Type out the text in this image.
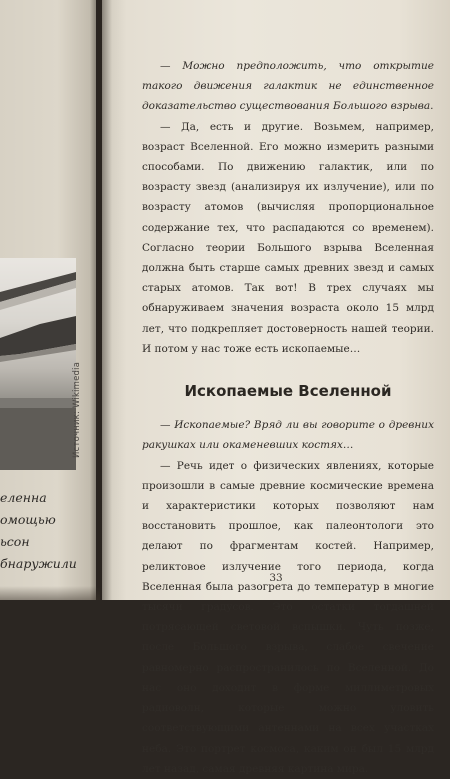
Источник: Wikimedia
еленна
омощью
ьсон
бнаружили

— Можно предположить, что открытие такого движения галактик не единственное доказательство существования Большого взрыва.

— Да, есть и другие. Возьмем, например, возраст Вселенной. Его можно измерить разными способами. По движению галактик, или по возрасту звезд (анализируя их излучение), или по возрасту атомов (вычисляя пропорциональное содержание тех, что распадаются со временем). Согласно теории Большого взрыва Вселенная должна быть старше самых древних звезд и самых старых атомов. Так вот! В трех случаях мы обнаруживаем значения возраста около 15 млрд лет, что подкрепляет достоверность нашей теории. И потом у нас тоже есть ископаемые…

Ископаемые Вселенной

— Ископаемые? Вряд ли вы говорите о древних ракушках или окаменевших костях…

— Речь идет о физических явлениях, которые произошли в самые древние космические времена и характеристики которых позволяют нам восстановить прошлое, как палеонтологи это делают по фрагментам костей. Например, реликтовое излучение того периода, когда Вселенная была разогрета до температур в многие тысячи градусов. Это остатки тогдашней потрясающей световой вспышки. Чуть позже, после Большого взрыва, слабое свечение равномерно распространилось по Вселенной. До нас оно доходит в форме миллиметровых радиоволн, которые можно уловить соответствующими антеннами на всех участках неба. Это портрет космоса, каким он был 15 млрд лет назад, самая древняя картина мира.

33
